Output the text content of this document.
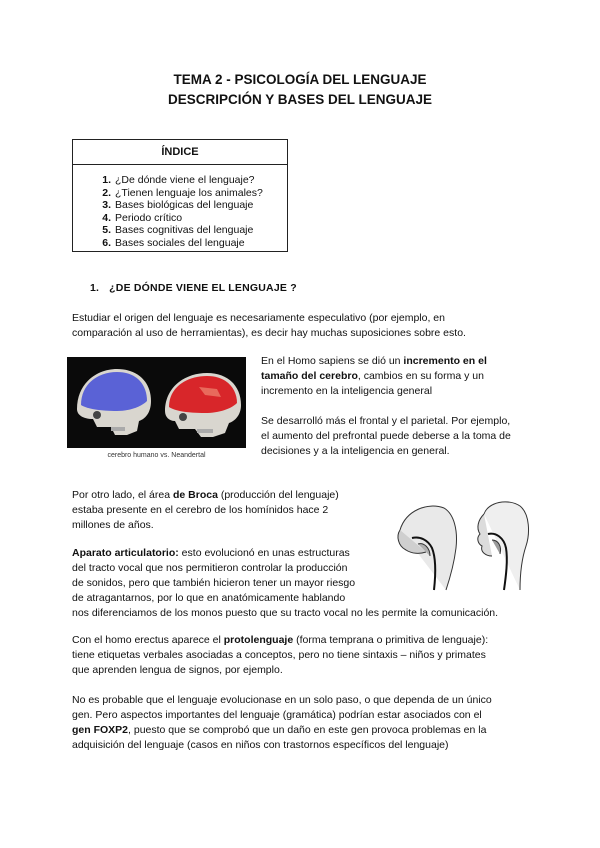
TEMA 2 - PSICOLOGÍA DEL LENGUAJE
DESCRIPCIÓN Y BASES DEL LENGUAJE
ÍNDICE
1. ¿De dónde viene el lenguaje?
2. ¿Tienen lenguaje los animales?
3. Bases biológicas del lenguaje
4. Periodo crítico
5. Bases cognitivas del lenguaje
6. Bases sociales del lenguaje
1. ¿DE DÓNDE VIENE EL LENGUAJE ?

Estudiar el origen del lenguaje es necesariamente especulativo (por ejemplo, en
comparación al uso de herramientas), es decir hay muchas suposiciones sobre esto.

cerebro humano vs. Neandertal

En el Homo sapiens se dió un incremento en el
tamaño del cerebro, cambios en su forma y un
incremento en la inteligencia general

Se desarrolló más el frontal y el parietal. Por ejemplo,
el aumento del prefrontal puede deberse a la toma de
decisiones y a la inteligencia en general.

Por otro lado, el área de Broca (producción del lenguaje)
estaba presente en el cerebro de los homínidos hace 2
millones de años.

Aparato articulatorio: esto evolucionó en unas estructuras
del tracto vocal que nos permitieron controlar la producción
de sonidos, pero que también hicieron tener un mayor riesgo
de atragantarnos, por lo que en anatómicamente hablando
nos diferenciamos de los monos puesto que su tracto vocal no les permite la comunicación.

Con el homo erectus aparece el protolenguaje (forma temprana o primitiva de lenguaje):
tiene etiquetas verbales asociadas a conceptos, pero no tiene sintaxis – niños y primates
que aprenden lengua de signos, por ejemplo.

No es probable que el lenguaje evolucionase en un solo paso, o que dependa de un único
gen. Pero aspectos importantes del lenguaje (gramática) podrían estar asociados con el
gen FOXP2, puesto que se comprobó que un daño en este gen provoca problemas en la
adquisición del lenguaje (casos en niños con trastornos específicos del lenguaje)
